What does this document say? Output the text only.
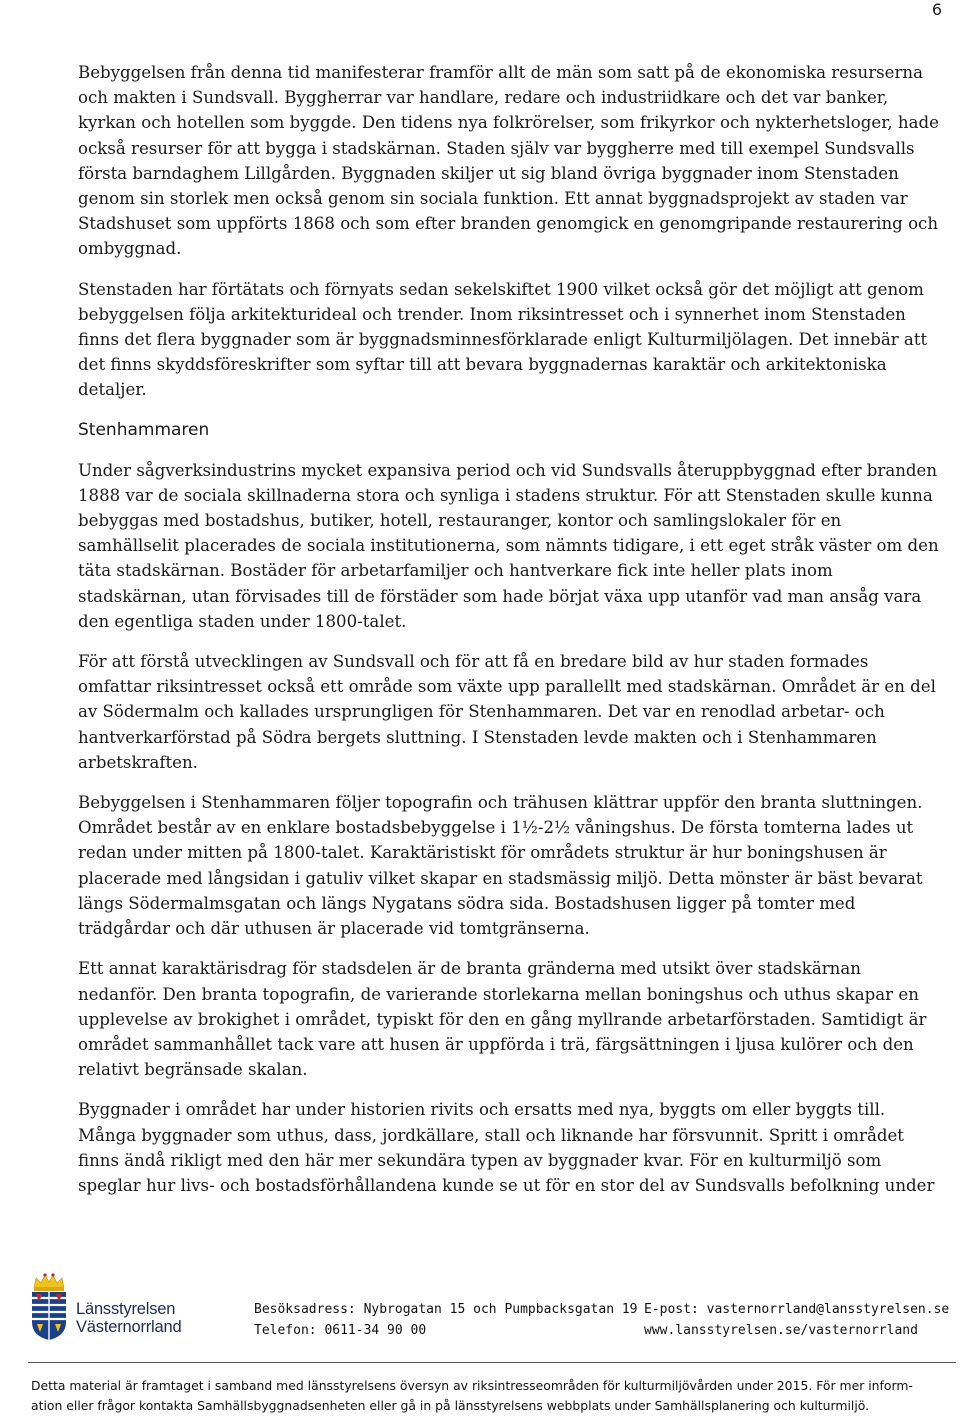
6

Bebyggelsen från denna tid manifesterar framför allt de män som satt på de ekonomiska resurserna och makten i Sundsvall. Byggherrar var handlare, redare och industriidkare och det var banker, kyrkan och hotellen som byggde. Den tidens nya folkrörelser, som frikyrkor och nykterhetsloger, hade också resurser för att bygga i stadskärnan. Staden själv var byggherre med till exempel Sundsvalls första barndaghem Lillgården. Byggnaden skiljer ut sig bland övriga byggnader inom Stenstaden genom sin storlek men också genom sin sociala funktion. Ett annat byggnadsprojekt av staden var Stadshuset som uppförts 1868 och som efter branden genomgick en genomgripande restaurering och ombyggnad.

Stenstaden har förtätats och förnyats sedan sekelskiftet 1900 vilket också gör det möjligt att genom bebyggelsen följa arkitekturideal och trender. Inom riksintresset och i synnerhet inom Stenstaden finns det flera byggnader som är byggnadsminnesförklarade enligt Kulturmiljölagen. Det innebär att det finns skyddsföreskrifter som syftar till att bevara byggnadernas karaktär och arkitektoniska detaljer.

Stenhammaren

Under sågverksindustrins mycket expansiva period och vid Sundsvalls återuppbyggnad efter branden 1888 var de sociala skillnaderna stora och synliga i stadens struktur. För att Stenstaden skulle kunna bebyggas med bostadshus, butiker, hotell, restauranger, kontor och samlingslokaler för en samhällselit placerades de sociala institutionerna, som nämnts tidigare, i ett eget stråk väster om den täta stadskärnan. Bostäder för arbetarfamiljer och hantverkare fick inte heller plats inom stadskärnan, utan förvisades till de förstäder som hade börjat växa upp utanför vad man ansåg vara den egentliga staden under 1800-talet.

För att förstå utvecklingen av Sundsvall och för att få en bredare bild av hur staden formades omfattar riksintresset också ett område som växte upp parallellt med stadskärnan. Området är en del av Södermalm och kallades ursprungligen för Stenhammaren. Det var en renodlad arbetar- och hantverkarförstad på Södra bergets sluttning. I Stenstaden levde makten och i Stenhammaren arbetskraften.

Bebyggelsen i Stenhammaren följer topografin och trähusen klättrar uppför den branta sluttningen. Området består av en enklare bostadsbebyggelse i 1½-2½ våningshus. De första tomterna lades ut redan under mitten på 1800-talet. Karaktäristiskt för områdets struktur är hur boningshusen är placerade med långsidan i gatuliv vilket skapar en stadsmässig miljö. Detta mönster är bäst bevarat längs Södermalmsgatan och längs Nygatans södra sida. Bostadshusen ligger på tomter med trädgårdar och där uthusen är placerade vid tomtgränserna.

Ett annat karaktärisdrag för stadsdelen är de branta gränderna med utsikt över stadskärnan nedanför. Den branta topografin, de varierande storlekarna mellan boningshus och uthus skapar en upplevelse av brokighet i området, typiskt för den en gång myllrande arbetarförstaden. Samtidigt är området sammanhållet tack vare att husen är uppförda i trä, färgsättningen i ljusa kulörer och den relativt begränsade skalan.

Byggnader i området har under historien rivits och ersatts med nya, byggts om eller byggts till. Många byggnader som uthus, dass, jordkällare, stall och liknande har försvunnit. Spritt i området finns ändå rikligt med den här mer sekundära typen av byggnader kvar. För en kulturmiljö som speglar hur livs- och bostadsförhållandena kunde se ut för en stor del av Sundsvalls befolkning under

Länsstyrelsen
Västernorrland
Besöksadress: Nybrogatan 15 och Pumpbacksgatan 19
Telefon: 0611-34 90 00
E-post: vasternorrland@lansstyrelsen.se
www.lansstyrelsen.se/vasternorrland
Detta material är framtaget i samband med länsstyrelsens översyn av riksintresseområden för kulturmiljövården under 2015. För mer inform-
ation eller frågor kontakta Samhällsbyggnadsenheten eller gå in på länsstyrelsens webbplats under Samhällsplanering och kulturmiljö.
